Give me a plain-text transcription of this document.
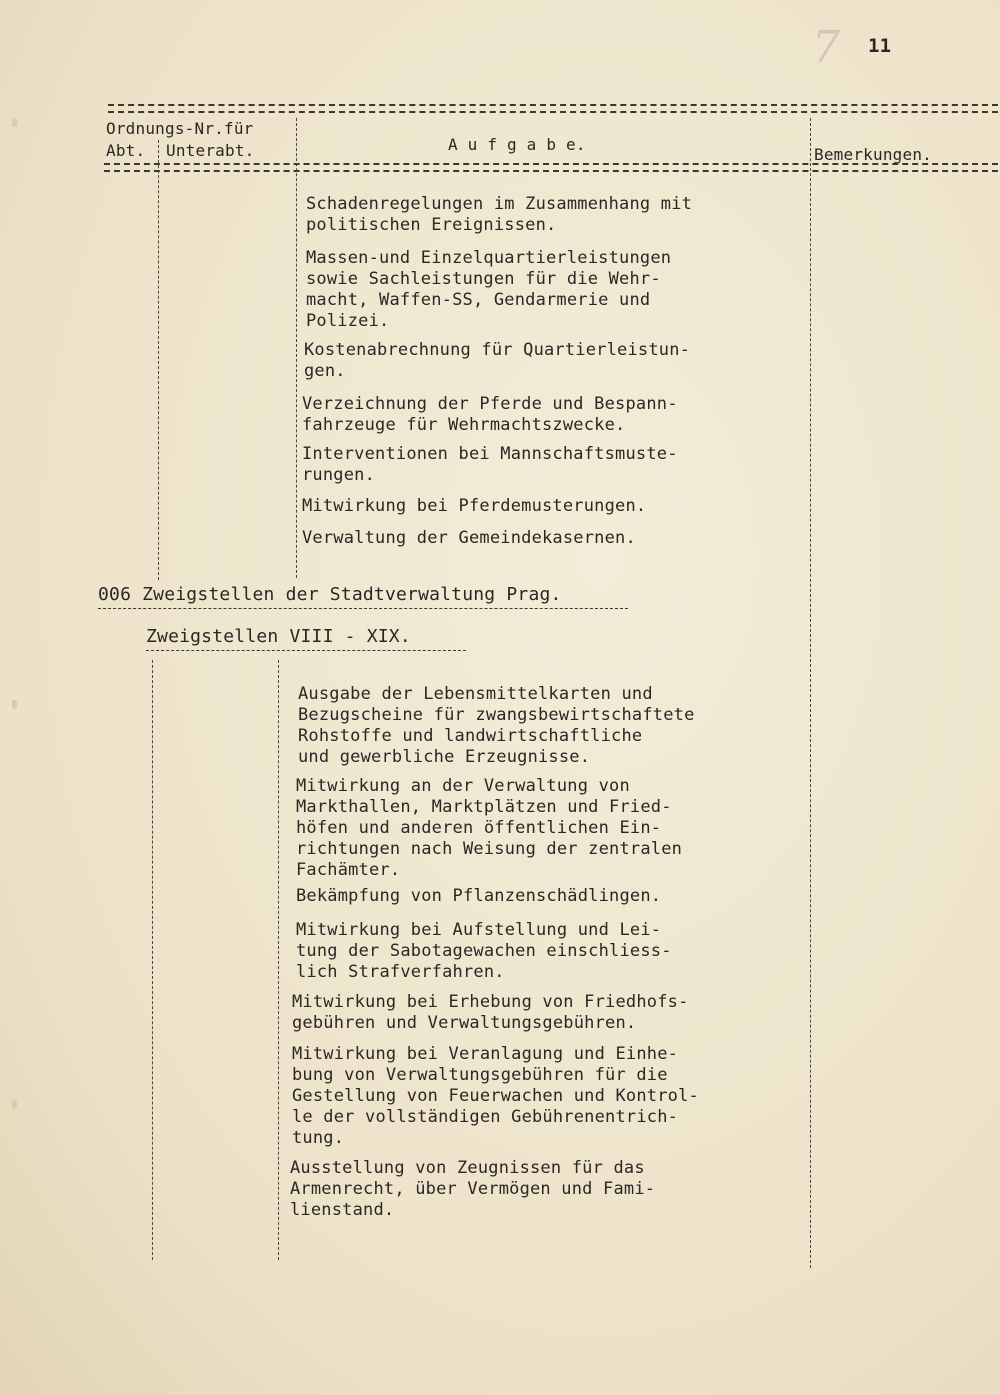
7 11
Ordnungs-Nr.für
Abt. Unterabt.	A u f g a b e.
Bemerkungen.
Schadenregelungen im Zusammenhang mit
politischen Ereignissen.
Massen-und Einzelquartierleistungen
sowie Sachleistungen für die Wehr-
macht, Waffen-SS, Gendarmerie und
Polizei.
Kostenabrechnung für Quartierleistun-
gen.
Verzeichnung der Pferde und Bespann-
fahrzeuge für Wehrmachtszwecke.
Interventionen bei Mannschaftsmuste-
rungen.
Mitwirkung bei Pferdemusterungen.
Verwaltung der Gemeindekasernen.
006 Zweigstellen der Stadtverwaltung Prag.
Zweigstellen VIII - XIX.
Ausgabe der Lebensmittelkarten und
Bezugscheine für zwangsbewirtschaftete
Rohstoffe und landwirtschaftliche
und gewerbliche Erzeugnisse.
Mitwirkung an der Verwaltung von
Markthallen, Marktplätzen und Fried-
höfen und anderen öffentlichen Ein-
richtungen nach Weisung der zentralen
Fachämter.
Bekämpfung von Pflanzenschädlingen.
Mitwirkung bei Aufstellung und Lei-
tung der Sabotagewachen einschliess-
lich Strafverfahren.
Mitwirkung bei Erhebung von Friedhofs-
gebühren und Verwaltungsgebühren.
Mitwirkung bei Veranlagung und Einhe-
bung von Verwaltungsgebühren für die
Gestellung von Feuerwachen und Kontrol-
le der vollständigen Gebührenentrich-
tung.
Ausstellung von Zeugnissen für das
Armenrecht, über Vermögen und Fami-
lienstand.
